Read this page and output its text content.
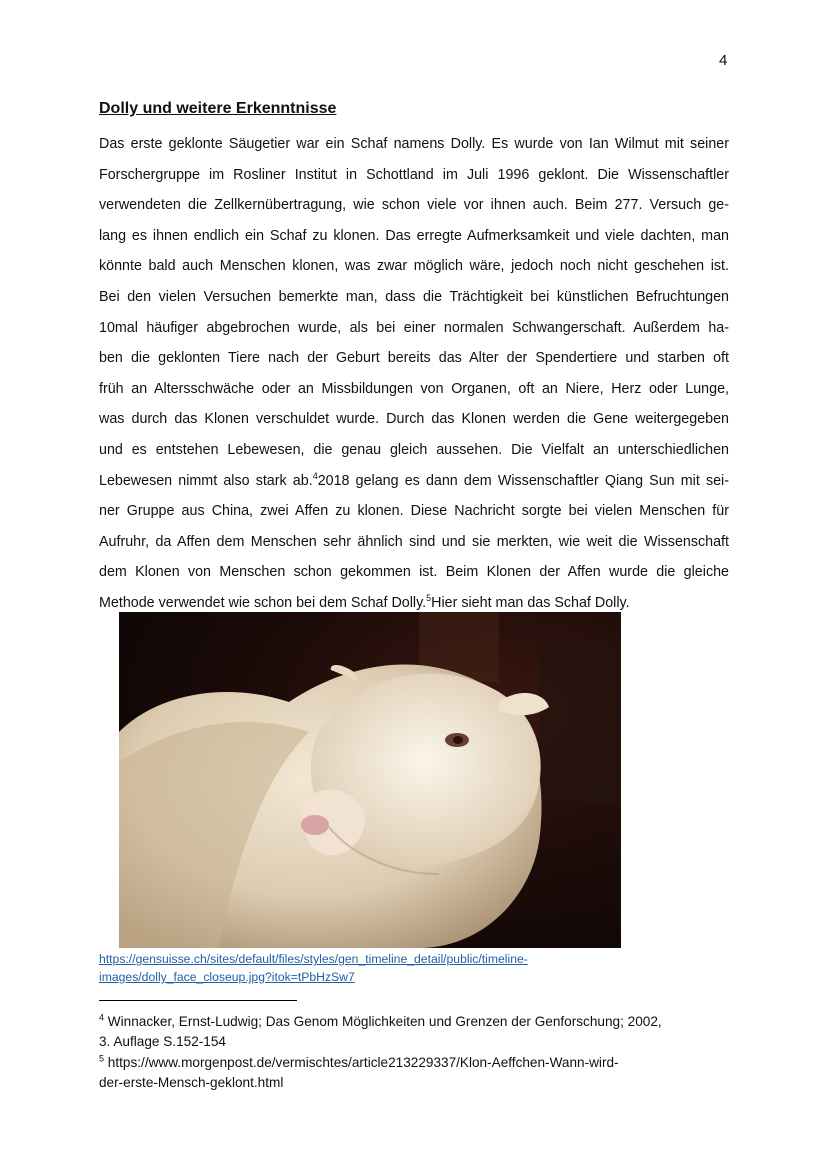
4
Dolly und weitere Erkenntnisse
Das erste geklonte Säugetier war ein Schaf namens Dolly. Es wurde von Ian Wilmut mit seiner
Forschergruppe im Rosliner Institut in Schottland im Juli 1996 geklont. Die Wissenschaftler
verwendeten die Zellkernübertragung, wie schon viele vor ihnen auch. Beim 277. Versuch ge-
lang es ihnen endlich ein Schaf zu klonen. Das erregte Aufmerksamkeit und viele dachten, man
könnte bald auch Menschen klonen, was zwar möglich wäre, jedoch noch nicht geschehen ist.
Bei den vielen Versuchen bemerkte man, dass die Trächtigkeit bei künstlichen Befruchtungen
10mal häufiger abgebrochen wurde, als bei einer normalen Schwangerschaft. Außerdem ha-
ben die geklonten Tiere nach der Geburt bereits das Alter der Spendertiere und starben oft
früh an Altersschwäche oder an Missbildungen von Organen, oft an Niere, Herz oder Lunge,
was durch das Klonen verschuldet wurde. Durch das Klonen werden die Gene weitergegeben
und es entstehen Lebewesen, die genau gleich aussehen. Die Vielfalt an unterschiedlichen
Lebewesen nimmt also stark ab.$^4$2018 gelang es dann dem Wissenschaftler Qiang Sun mit sei-
ner Gruppe aus China, zwei Affen zu klonen. Diese Nachricht sorgte bei vielen Menschen für
Aufruhr, da Affen dem Menschen sehr ähnlich sind und sie merkten, wie weit die Wissenschaft
dem Klonen von Menschen schon gekommen ist. Beim Klonen der Affen wurde die gleiche
Methode verwendet wie schon bei dem Schaf Dolly.$^5$Hier sieht man das Schaf Dolly.
https://gensuisse.ch/sites/default/files/styles/gen_timeline_detail/public/timeline-
images/dolly_face_closeup.jpg?itok=tPbHzSw7
$^4$ Winnacker, Ernst-Ludwig; Das Genom Möglichkeiten und Grenzen der Genforschung; 2002,
3. Auflage S.152-154
$^5$ https://www.morgenpost.de/vermischtes/article213229337/Klon-Aeffchen-Wann-wird-
der-erste-Mensch-geklont.html
